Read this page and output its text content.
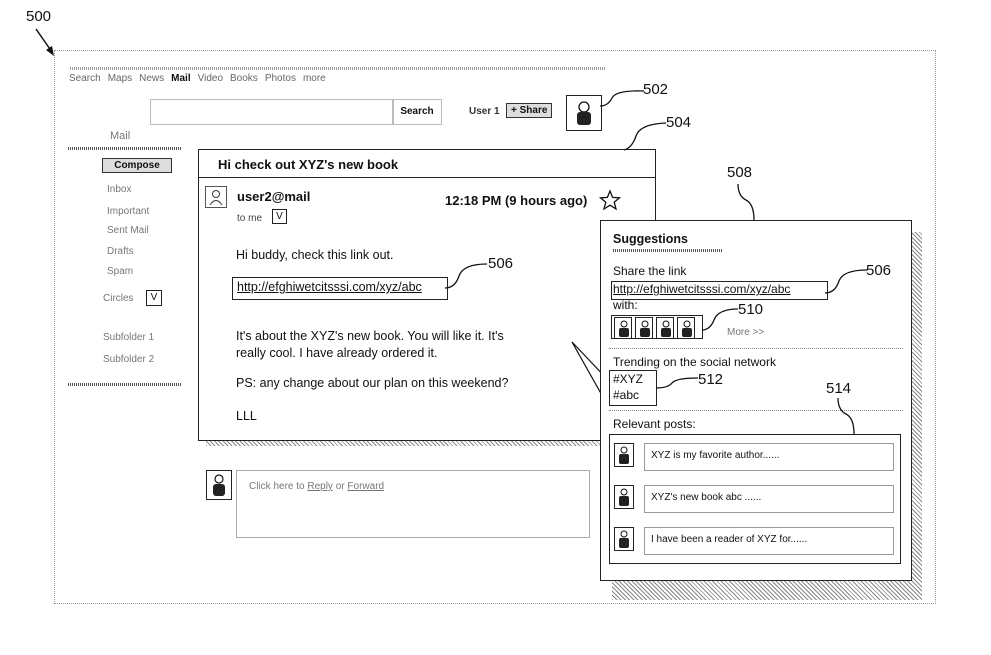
500
Search Maps News Mail Video Books Photos more
Search	User 1	+ Share
502
Mail
Compose
Inbox
Important
Sent Mail
Drafts
Spam
Circles	V
Subfolder 1
Subfolder 2
Hi check out XYZ's new book
user2@mail	12:18 PM (9 hours ago)
to me	V
Hi buddy, check this link out.
http://efghiwetcitsssi.com/xyz/abc
It's about the XYZ's new book. You will like it. It's
really cool. I have already ordered it.
PS: any change about our plan on this weekend?
LLL
504
506
Click here to Reply or Forward
Suggestions
Share the link
http://efghiwetcitsssi.com/xyz/abc
with:
More >>
Trending on the social network
#XYZ
#abc
Relevant posts:
XYZ is my favorite author......
XYZ's new book abc ......
I have been a reader of XYZ for......
508
506
510
512
514
